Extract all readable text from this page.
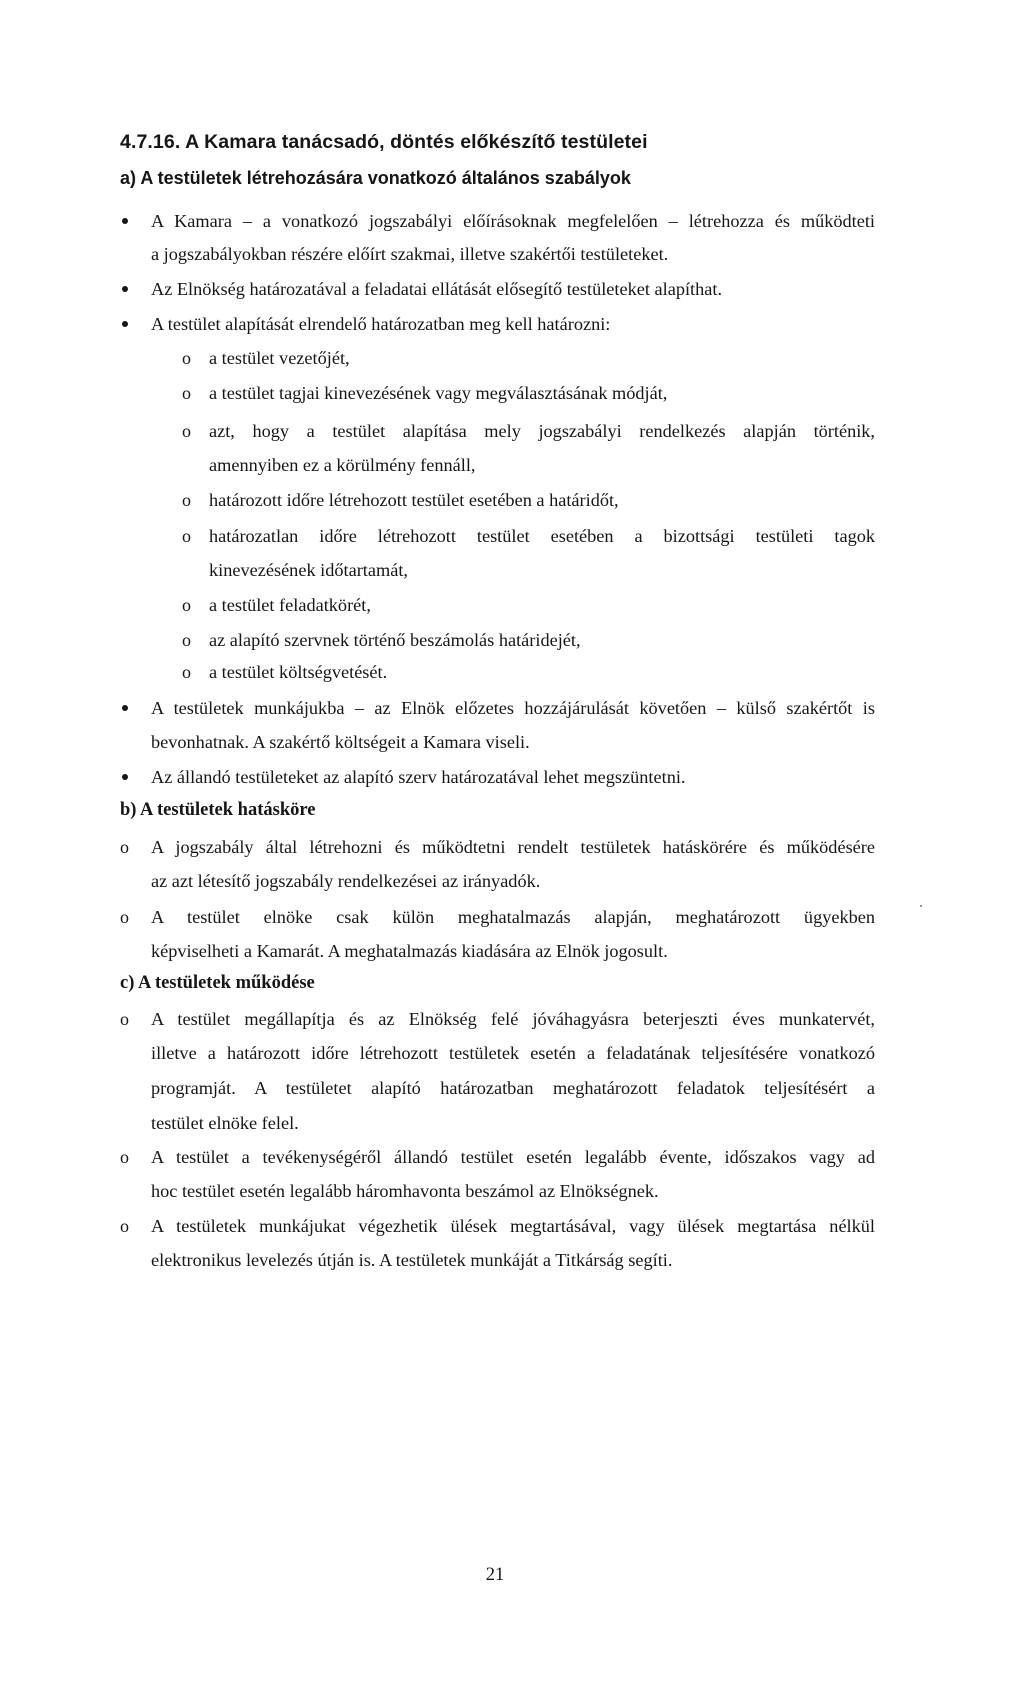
4.7.16. A Kamara tanácsadó, döntés előkészítő testületei
a) A testületek létrehozására vonatkozó általános szabályok
A Kamara – a vonatkozó jogszabályi előírásoknak megfelelően – létrehozza és működteti
a jogszabályokban részére előírt szakmai, illetve szakértői testületeket.
Az Elnökség határozatával a feladatai ellátását elősegítő testületeket alapíthat.
A testület alapítását elrendelő határozatban meg kell határozni:
o a testület vezetőjét,
o a testület tagjai kinevezésének vagy megválasztásának módját,
o azt, hogy a testület alapítása mely jogszabályi rendelkezés alapján történik,
amennyiben ez a körülmény fennáll,
o határozott időre létrehozott testület esetében a határidőt,
o határozatlan időre létrehozott testület esetében a bizottsági testületi tagok
kinevezésének időtartamát,
o a testület feladatkörét,
o az alapító szervnek történő beszámolás határidejét,
o a testület költségvetését.
A testületek munkájukba – az Elnök előzetes hozzájárulását követően – külső szakértőt is
bevonhatnak. A szakértő költségeit a Kamara viseli.
Az állandó testületeket az alapító szerv határozatával lehet megszüntetni.
b) A testületek hatásköre
o A jogszabály által létrehozni és működtetni rendelt testületek hatáskörére és működésére
az azt létesítő jogszabály rendelkezései az irányadók.
o A testület elnöke csak külön meghatalmazás alapján, meghatározott ügyekben
képviselheti a Kamarát. A meghatalmazás kiadására az Elnök jogosult.
c) A testületek működése
o A testület megállapítja és az Elnökség felé jóváhagyásra beterjeszti éves munkatervét,
illetve a határozott időre létrehozott testületek esetén a feladatának teljesítésére vonatkozó
programját. A testületet alapító határozatban meghatározott feladatok teljesítésért a
testület elnöke felel.
o A testület a tevékenységéről állandó testület esetén legalább évente, időszakos vagy ad
hoc testület esetén legalább háromhavonta beszámol az Elnökségnek.
o A testületek munkájukat végezhetik ülések megtartásával, vagy ülések megtartása nélkül
elektronikus levelezés útján is. A testületek munkáját a Titkárság segíti.
21
